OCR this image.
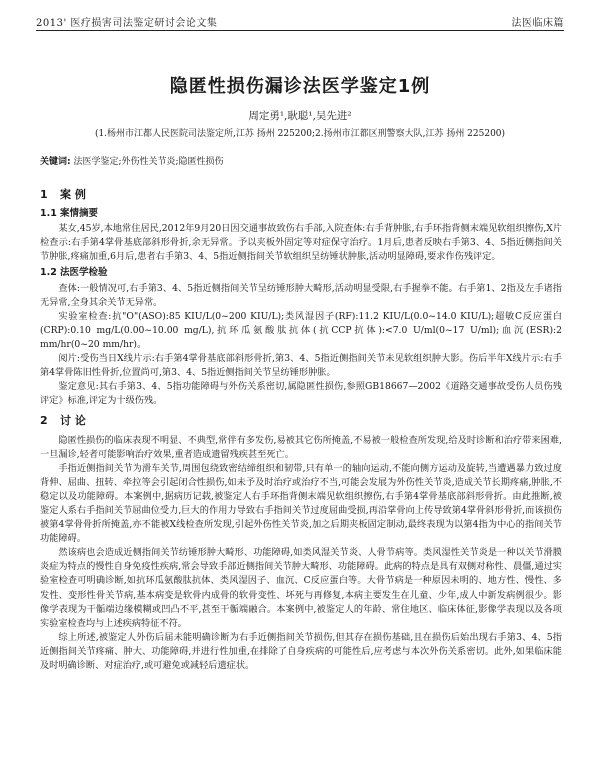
2013' 医疗损害司法鉴定研讨会论文集	法医临床篇
隐匿性损伤漏诊法医学鉴定1例
周定勇¹,耿聪¹,吴先进²
(1.杨州市江都人民医院司法鉴定所,江苏 扬州 225200;2.扬州市江都区刑警察大队,江苏 扬州 225200)
关键词: 法医学鉴定;外伤性关节炎;隐匿性损伤
1 案 例
1.1 案情摘要

某女,45岁,本地常住居民,2012年9月20日因交通事故致伤右手部,入院查体:右手背肿胀,右手环指背侧末端见软组织擦伤,X片检查示:右手第4掌骨基底部斜形骨折,余无异常。予以夹板外固定等对症保守治疗。1月后,患者反映右手第3、4、5指近侧指间关节肿胀,疼痛加重,6月后,患者右手第3、4、5指近侧指间关节软组织呈纺锤状肿胀,活动明显障碍,要求作伤残评定。

1.2 法医学检验

查体:一般情况可,右手第3、4、5指近侧指间关节呈纺锤形肿大畸形,活动明显受限,右手握拳不能。右手第1、2指及左手诸指无异常,全身其余关节无异常。

实验室检查:抗"O"(ASO):85 KIU/L(0~200 KIU/L);类风湿因子(RF):11.2 KIU/L(0.0~14.0 KIU/L);超敏C反应蛋白(CRP):0.10 mg/L(0.00~10.00 mg/L),抗环瓜氨酸肽抗体(抗CCP抗体):<7.0 U/ml(0~17 U/ml);血沉(ESR):2 mm/hr(0~20 mm/hr)。

阅片:受伤当日X线片示:右手第4掌骨基底部斜形骨折,第3、4、5指近侧指间关节未见软组织肿大影。伤后半年X线片示:右手第4掌骨陈旧性骨折,位置尚可,第3、4、5指近侧指间关节呈纺锤形肿胀。

鉴定意见:其右手第3、4、5指功能障碍与外伤关系密切,属隐匿性损伤,参照GB18667—2002《道路交通事故受伤人员伤残评定》标准,评定为十级伤残。

2 讨 论

隐匿性损伤的临床表现不明显、不典型,常伴有多发伤,易被其它伤所掩盖,不易被一般检查所发现,给及时诊断和治疗带来困难,一旦漏诊,轻者可能影响治疗效果,重者造成遗留残疾甚至死亡。

手指近侧指间关节为滑车关节,周围包绕致密结缔组织和韧带,只有单一的轴向运动,不能向侧方运动及旋转,当遭遇暴力致过度背伸、屈曲、扭转、牵拉等会引起闭合性损伤,如未予及时治疗或治疗不当,可能会发展为外伤性关节炎,造成关节长期疼痛,肿胀,不稳定以及功能障碍。本案例中,据病历记载,被鉴定人右手环指背侧末端见软组织擦伤,右手第4掌骨基底部斜形骨折。由此推断,被鉴定人系右手指间关节屈曲位受力,巨大的作用力导致右手指间关节过度屈曲受损,再沿掌骨向上传导致第4掌骨斜形骨折,而该损伤被第4掌骨骨折所掩盖,亦不能被X线检查所发现,引起外伤性关节炎,加之后期夹板固定制动,最终表现为以第4指为中心的指间关节功能障碍。

然该病也会造成近侧指间关节纺锤形肿大畸形、功能障碍,如类风湿关节炎、人骨节病等。类风湿性关节炎是一种以关节滑膜炎症为特点的慢性自身免疫性疾病,常会导致手部近侧指间关节肿大畸形、功能障碍。此病的特点是具有双侧对称性、晨僵,通过实验室检查可明确诊断,如抗环瓜氨酸肽抗体、类风湿因子、血沉、C反应蛋白等。大骨节病是一种原因未明的、地方性、慢性、多发性、变形性骨关节病,基本病变是软骨内成骨的软骨变性、坏死与再修复,本病主要发生在儿童、少年,成人中新发病例很少。影像学表现为干骺端边缘模糊或凹凸不平,甚至干骺端融合。本案例中,被鉴定人的年龄、常住地区、临床体征,影像学表现以及各项实验室检查均与上述疾病特征不符。

综上所述,被鉴定人外伤后届未能明确诊断为右手近侧指间关节损伤,但其存在损伤基础,且在损伤后始出现右手第3、4、5指近侧指间关节疼痛、肿大、功能障碍,并进行性加重,在排除了自身疾病的可能性后,应考虑与本次外伤关系密切。此外,如果临床能及时明确诊断、对症治疗,或可避免或减轻后遗症状。
